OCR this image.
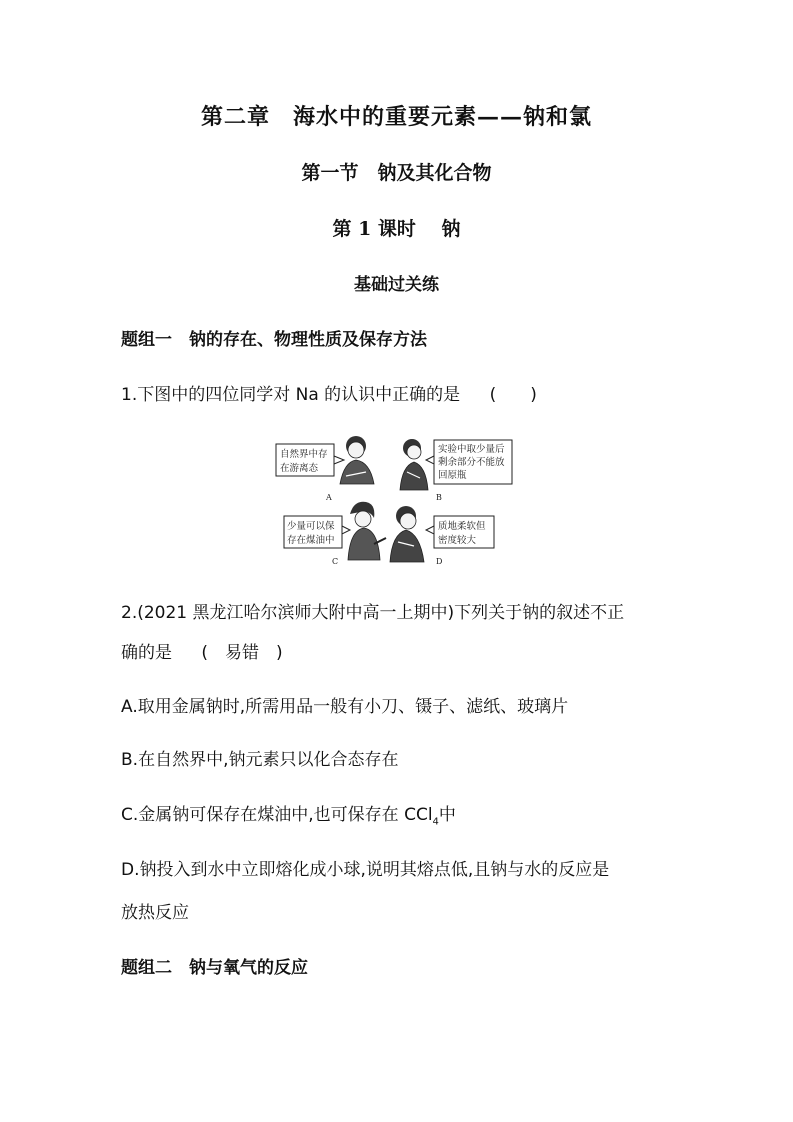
第二章　海水中的重要元素——钠和氯
第一节　钠及其化合物
第 1 课时　 钠
基础过关练
题组一　钠的存在、物理性质及保存方法
1.下图中的四位同学对 Na 的认识中正确的是 (　　)
自然界中存
在游离态
A
实验中取少量后
剩余部分不能放
回原瓶
B
少量可以保
存在煤油中
C
质地柔软但
密度较大
D
2.(2021 黑龙江哈尔滨师大附中高一上期中)下列关于钠的叙述不正
确的是 (　易错　)
A.取用金属钠时,所需用品一般有小刀、镊子、滤纸、玻璃片
B.在自然界中,钠元素只以化合态存在
C.金属钠可保存在煤油中,也可保存在 CCl$_4$中
D.钠投入到水中立即熔化成小球,说明其熔点低,且钠与水的反应是
放热反应
题组二　钠与氧气的反应
